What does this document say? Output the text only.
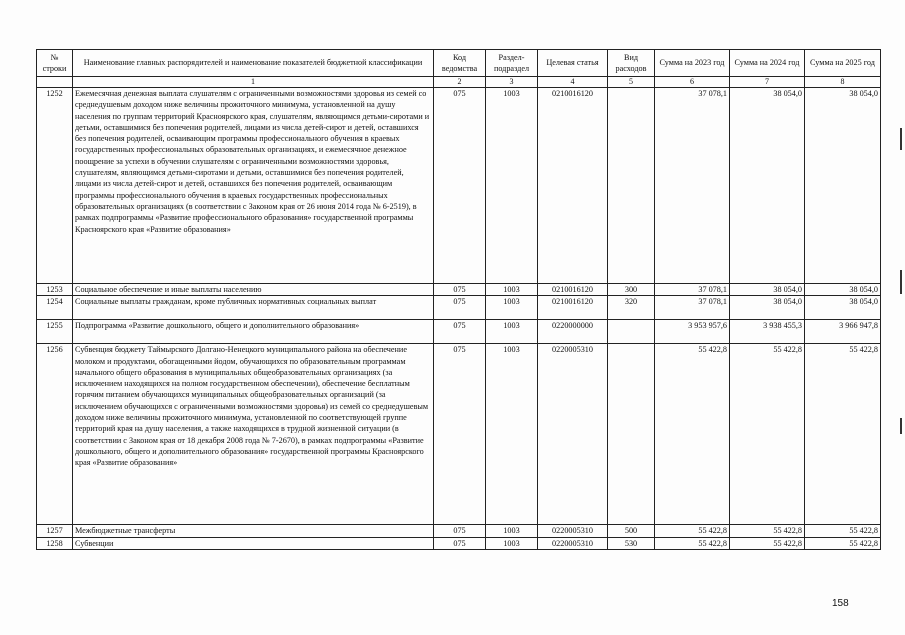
№ строки	Наименование главных распорядителей и наименование показателей бюджетной классификации	Код ведомства	Раздел-подраздел	Целевая статья	Вид расходов	Сумма на 2023 год	Сумма на 2024 год	Сумма на 2025 год
	1	2	3	4	5	6	7	8
1252	Ежемесячная денежная выплата слушателям с ограниченными возможностями здоровья из семей со среднедушевым доходом ниже величины прожиточного минимума, установленной на душу населения по группам территорий Красноярского края, слушателям, являющимся детьми-сиротами и детьми, оставшимися без попечения родителей, лицами из числа детей-сирот и детей, оставшихся без попечения родителей, осваивающим программы профессионального обучения в краевых государственных профессиональных образовательных организациях, и ежемесячное денежное поощрение за успехи в обучении слушателям с ограниченными возможностями здоровья, слушателям, являющимся детьми-сиротами и детьми, оставшимися без попечения родителей, лицами из числа детей-сирот и детей, оставшихся без попечения родителей, осваивающим программы профессионального обучения в краевых государственных профессиональных образовательных организациях (в соответствии с Законом края от 26 июня 2014 года № 6-2519), в рамках подпрограммы «Развитие профессионального образования» государственной программы Красноярского края «Развитие образования»	075	1003	0210016120		37 078,1	38 054,0	38 054,0
1253	Социальное обеспечение и иные выплаты населению	075	1003	0210016120	300	37 078,1	38 054,0	38 054,0
1254	Социальные выплаты гражданам, кроме публичных нормативных социальных выплат	075	1003	0210016120	320	37 078,1	38 054,0	38 054,0
1255	Подпрограмма «Развитие дошкольного, общего и дополнительного образования»	075	1003	0220000000		3 953 957,6	3 938 455,3	3 966 947,8
1256	Субвенция бюджету Таймырского Долгано-Ненецкого муниципального района на обеспечение молоком и продуктами, обогащенными йодом, обучающихся по образовательным программам начального общего образования в муниципальных общеобразовательных организациях (за исключением находящихся на полном государственном обеспечении), обеспечение бесплатным горячим питанием обучающихся муниципальных общеобразовательных организаций (за исключением обучающихся с ограниченными возможностями здоровья) из семей со среднедушевым доходом ниже величины прожиточного минимума, установленной по соответствующей группе территорий края на душу населения, а также находящихся в трудной жизненной ситуации (в соответствии с Законом края от 18 декабря 2008 года № 7-2670), в рамках подпрограммы «Развитие дошкольного, общего и дополнительного образования» государственной программы Красноярского края «Развитие образования»	075	1003	0220005310		55 422,8	55 422,8	55 422,8
1257	Межбюджетные трансферты	075	1003	0220005310	500	55 422,8	55 422,8	55 422,8
1258	Субвенции	075	1003	0220005310	530	55 422,8	55 422,8	55 422,8
158
